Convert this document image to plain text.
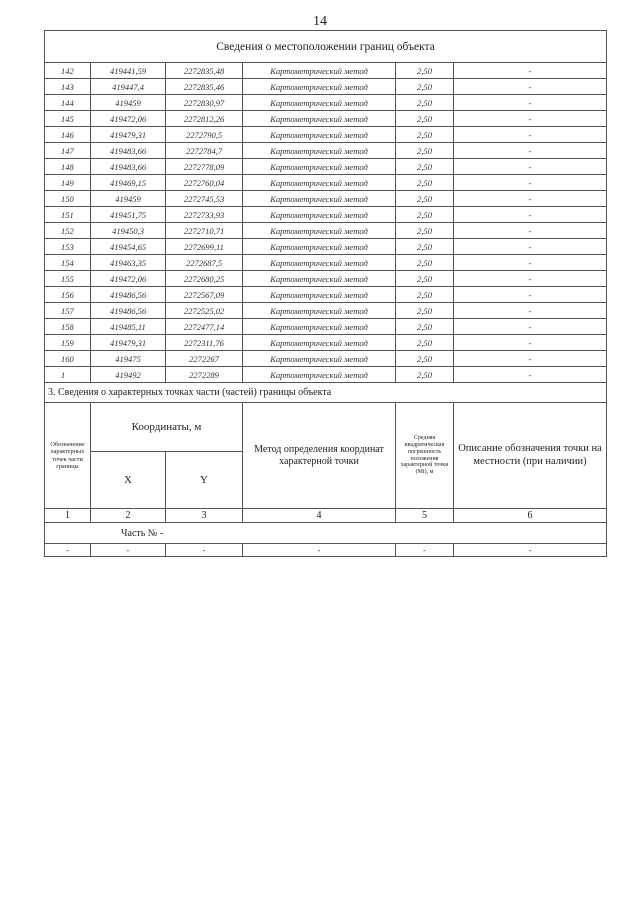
14
Сведения о местоположении границ объекта					
142	419441,59	2272835,48	Картометрический метод	2,50	-
143	419447,4	2272835,46	Картометрический метод	2,50	-
144	419459	2272830,97	Картометрический метод	2,50	-
145	419472,06	2272812,26	Картометрический метод	2,50	-
146	419479,31	2272790,5	Картометрический метод	2,50	-
147	419483,66	2272784,7	Картометрический метод	2,50	-
148	419483,66	2272778,09	Картометрический метод	2,50	-
149	419469,15	2272760,04	Картометрический метод	2,50	-
150	419459	2272745,53	Картометрический метод	2,50	-
151	419451,75	2272733,93	Картометрический метод	2,50	-
152	419450,3	2272710,71	Картометрический метод	2,50	-
153	419454,65	2272699,11	Картометрический метод	2,50	-
154	419463,35	2272687,5	Картометрический метод	2,50	-
155	419472,06	2272680,25	Картометрический метод	2,50	-
156	419486,56	2272567,09	Картометрический метод	2,50	-
157	419486,56	2272525,02	Картометрический метод	2,50	-
158	419485,11	2272477,14	Картометрический метод	2,50	-
159	419479,31	2272311,76	Картометрический метод	2,50	-
160	419475	2272267	Картометрический метод	2,50	-
1	419492	2272289	Картометрический метод	2,50	-
3. Сведения о характерных точках части (частей) границы объекта					
Обозначение характерных точек части границы	Координаты, м		Метод определения координат характерной точки	Средняя квадратическая погрешность положения характерной точки (Mt), м	Описание обозначения точки на местности (при наличии)
	X	Y			
1	2	3	4	5	6
Часть № -					
-	-	-	-	-	-
